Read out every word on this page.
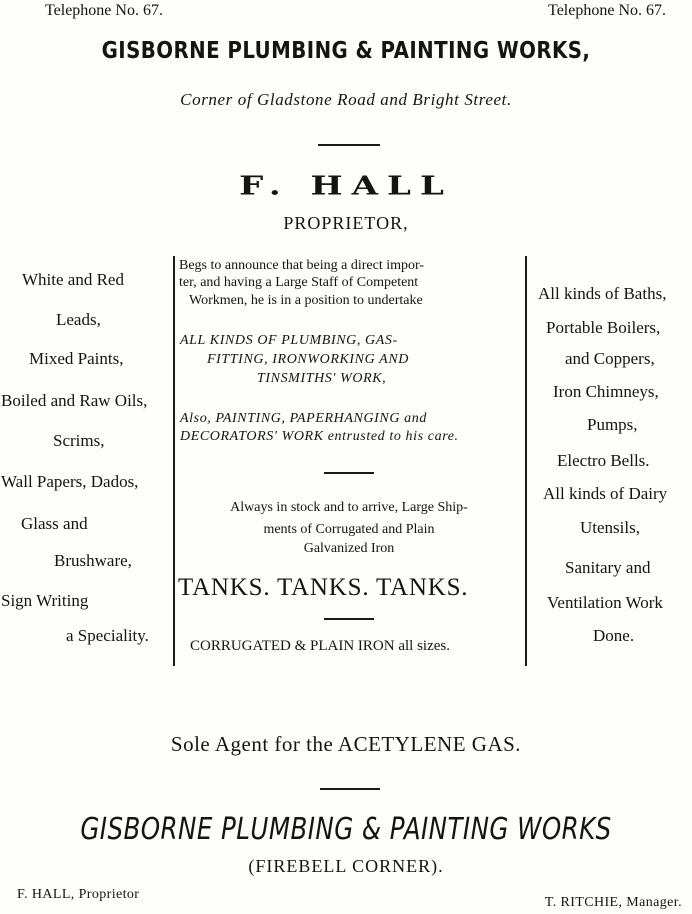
Telephone No. 67.	Telephone No. 67.
GISBORNE PLUMBING & PAINTING WORKS,
Corner of Gladstone Road and Bright Street.
F. HALL
PROPRIETOR,
White and Red
Leads,
Mixed Paints,
Boiled and Raw Oils,
Scrims,
Wall Papers, Dados,
Glass and
Brushware,
Sign Writing
a Speciality.
Begs to announce that being a direct impor-
ter, and having a Large Staff of Competent
Workmen, he is in a position to undertake
ALL KINDS OF PLUMBING, GAS-
FITTING, IRONWORKING AND
TINSMITHS' WORK,
Also, PAINTING, PAPERHANGING and
DECORATORS' WORK entrusted to his care.
Always in stock and to arrive, Large Ship-
ments of Corrugated and Plain
Galvanized Iron
TANKS. TANKS. TANKS.
CORRUGATED & PLAIN IRON all sizes.
All kinds of Baths,
Portable Boilers,
and Coppers,
Iron Chimneys,
Pumps,
Electro Bells.
All kinds of Dairy
Utensils,
Sanitary and
Ventilation Work
Done.
Sole Agent for the ACETYLENE GAS.
GISBORNE PLUMBING & PAINTING WORKS
(FIREBELL CORNER).
F. HALL, Proprietor
T. RITCHIE, Manager.
